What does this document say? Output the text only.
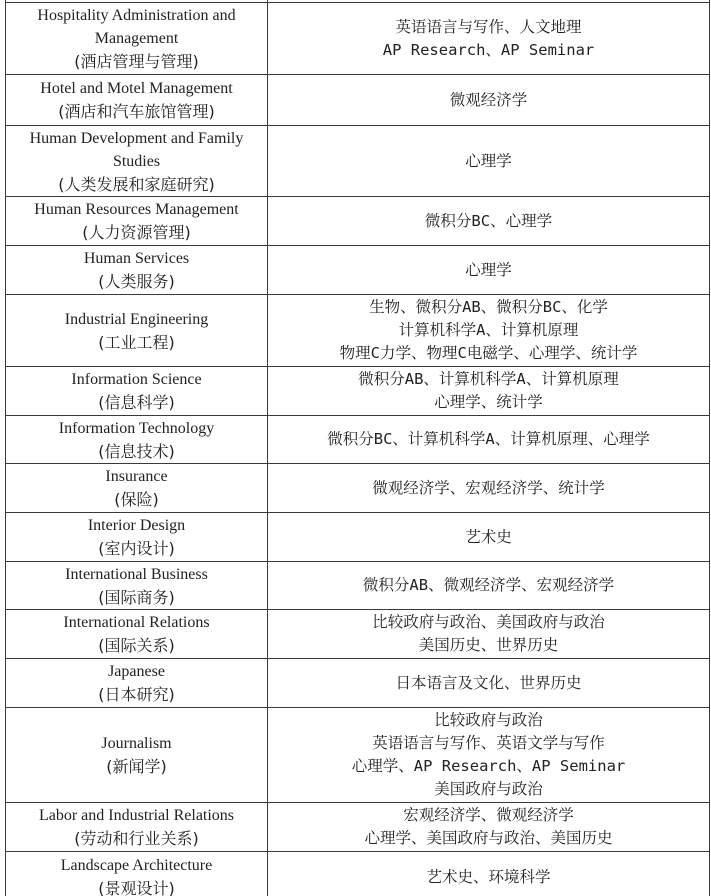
Hospitality Administration and Management
(酒店管理与管理)	英语语言与写作、人文地理
AP Research、AP Seminar

Hotel and Motel Management
(酒店和汽车旅馆管理)	微观经济学

Human Development and Family Studies
(人类发展和家庭研究)	心理学

Human Resources Management
(人力资源管理)	微积分BC、心理学

Human Services
(人类服务)	心理学

Industrial Engineering
(工业工程)	生物、微积分AB、微积分BC、化学
计算机科学A、计算机原理
物理C力学、物理C电磁学、心理学、统计学

Information Science
(信息科学)	微积分AB、计算机科学A、计算机原理
心理学、统计学

Information Technology
(信息技术)	微积分BC、计算机科学A、计算机原理、心理学

Insurance
(保险)	微观经济学、宏观经济学、统计学

Interior Design
(室内设计)	艺术史

International Business
(国际商务)	微积分AB、微观经济学、宏观经济学

International Relations
(国际关系)	比较政府与政治、美国政府与政治
美国历史、世界历史

Japanese
(日本研究)	日本语言及文化、世界历史

Journalism
(新闻学)	比较政府与政治
英语语言与写作、英语文学与写作
心理学、AP Research、AP Seminar
美国政府与政治

Labor and Industrial Relations
(劳动和行业关系)	宏观经济学、微观经济学
心理学、美国政府与政治、美国历史

Landscape Architecture
(景观设计)	艺术史、环境科学
